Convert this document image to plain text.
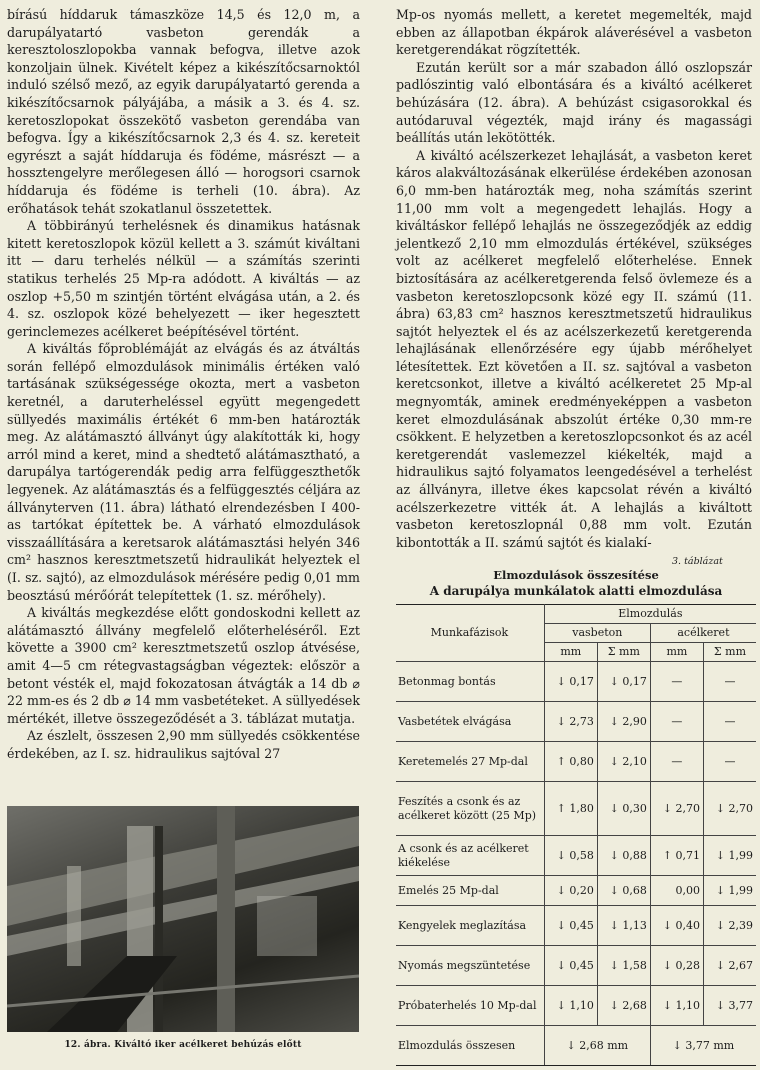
bírású híddaruk támaszköze 14,5 és 12,0 m, a darupályatartó vasbeton gerendák a keresztoloszlopokba vannak befogva, illetve azok konzoljain ülnek. Kivételt képez a kikészítőcsarnoktól induló szélső mező, az egyik darupályatartó gerenda a kikészítőcsarnok pályájába, a másik a 3. és 4. sz. keretoszlopokat összekötő vasbeton gerendába van befogva. Így a kikészítőcsarnok 2,3 és 4. sz. kereteit egyrészt a saját híddaruja és födéme, másrészt — a hossztengelyre merőlegesen álló — horogsori csarnok híddaruja és födéme is terheli (10. ábra). Az erőhatások tehát szokatlanul összetettek.

A többirányú terhelésnek és dinamikus hatásnak kitett keretoszlopok közül kellett a 3. számút kiváltani itt — daru terhelés nélkül — a számítás szerinti statikus terhelés 25 Mp-ra adódott. A kiváltás — az oszlop +5,50 m szintjén történt elvágása után, a 2. és 4. sz. oszlopok közé behelyezett — iker hegesztett gerinclemezes acélkeret beépítésével történt.

A kiváltás főproblémáját az elvágás és az átváltás során fellépő elmozdulások minimális értéken való tartásának szükségessége okozta, mert a vasbeton keretnél, a daruterheléssel együtt megengedett süllyedés maximális értékét 6 mm-ben határozták meg. Az alátámasztó állványt úgy alakították ki, hogy arról mind a keret, mind a shedtető alátámasztható, a darupálya tartógerendák pedig arra felfüggeszthetők legyenek. Az alátámasztás és a felfüggesztés céljára az állványterven (11. ábra) látható elrendezésben I 400-as tartókat építettek be. A várható elmozdulások visszaállítására a keretsarok alátámasztási helyén 346 cm² hasznos keresztmetszetű hidraulikát helyeztek el (I. sz. sajtó), az elmozdulások mérésére pedig 0,01 mm beosztású mérőórát telepítettek (1. sz. mérőhely).

A kiváltás megkezdése előtt gondoskodni kellett az alátámasztó állvány megfelelő előterheléséről. Ezt követte a 3900 cm² keresztmetszetű oszlop átvésése, amit 4—5 cm rétegvastagságban végeztek: először a betont vésték el, majd fokozatosan átvágták a 14 db ⌀ 22 mm-es és 2 db ⌀ 14 mm vasbetéteket. A süllyedések mértékét, illetve összegeződését a 3. táblázat mutatja.

Az észlelt, összesen 2,90 mm süllyedés csökkentése érdekében, az I. sz. hidraulikus sajtóval 27

Mp-os nyomás mellett, a keretet megemelték, majd ebben az állapotban ékpárok aláverésével a vasbeton keretgerendákat rögzítették.

Ezután került sor a már szabadon álló oszlopszár padlószintig való elbontására és a kiváltó acélkeret behúzására (12. ábra). A behúzást csigasorokkal és autódaruval végezték, majd irány és magassági beállítás után lekötötték.

A kiváltó acélszerkezet lehajlását, a vasbeton keret káros alakváltozásának elkerülése érdekében azonosan 6,0 mm-ben határozták meg, noha számítás szerint 11,00 mm volt a megengedett lehajlás. Hogy a kiváltáskor fellépő lehajlás ne összegeződjék az eddig jelentkező 2,10 mm elmozdulás értékével, szükséges volt az acélkeret megfelelő előterhelése. Ennek biztosítására az acélkeretgerenda felső övlemeze és a vasbeton keretoszlopcsonk közé egy II. számú (11. ábra) 63,83 cm² hasznos keresztmetszetű hidraulikus sajtót helyeztek el és az acélszerkezetű keretgerenda lehajlásának ellenőrzésére egy újabb mérőhelyet létesítettek. Ezt követően a II. sz. sajtóval a vasbeton keretcsonkot, illetve a kiváltó acélkeretet 25 Mp-al megnyomták, aminek eredményeképpen a vasbeton keret elmozdulásának abszolút értéke 0,30 mm-re csökkent. E helyzetben a keretoszlopcsonkot és az acél keretgerendát vaslemezzel kiékelték, majd a hidraulikus sajtó folyamatos leengedésével a terhelést az állványra, illetve ékes kapcsolat révén a kiváltó acélszerkezetre vitték át. A lehajlás a kiváltott vasbeton keretoszlopnál 0,88 mm volt. Ezután kibontották a II. számú sajtót és kialakí-

12. ábra. Kiváltó iker acélkeret behúzás előtt
3. táblázat
Elmozdulások összesítése
A darupálya munkálatok alatti elmozdulása
Munkafázisok	Elmozdulás			
	vasbeton		acélkeret	
	mm	Σ mm	mm	Σ mm
Betonmag bontás	↓ 0,17	↓ 0,17	—	—
Vasbetétek elvágása	↓ 2,73	↓ 2,90	—	—
Keretemelés 27 Mp-dal	↑ 0,80	↓ 2,10	—	—
Feszítés a csonk és az acélkeret között (25 Mp)	↑ 1,80	↓ 0,30	↓ 2,70	↓ 2,70
A csonk és az acélkeret kiékelése	↓ 0,58	↓ 0,88	↑ 0,71	↓ 1,99
Emelés 25 Mp-dal	↓ 0,20	↓ 0,68	0,00	↓ 1,99
Kengyelek meglazítása	↓ 0,45	↓ 1,13	↓ 0,40	↓ 2,39
Nyomás megszüntetése	↓ 0,45	↓ 1,58	↓ 0,28	↓ 2,67
Próbaterhelés 10 Mp-dal	↓ 1,10	↓ 2,68	↓ 1,10	↓ 3,77
Elmozdulás összesen	↓ 2,68 mm		↓ 3,77 mm	
